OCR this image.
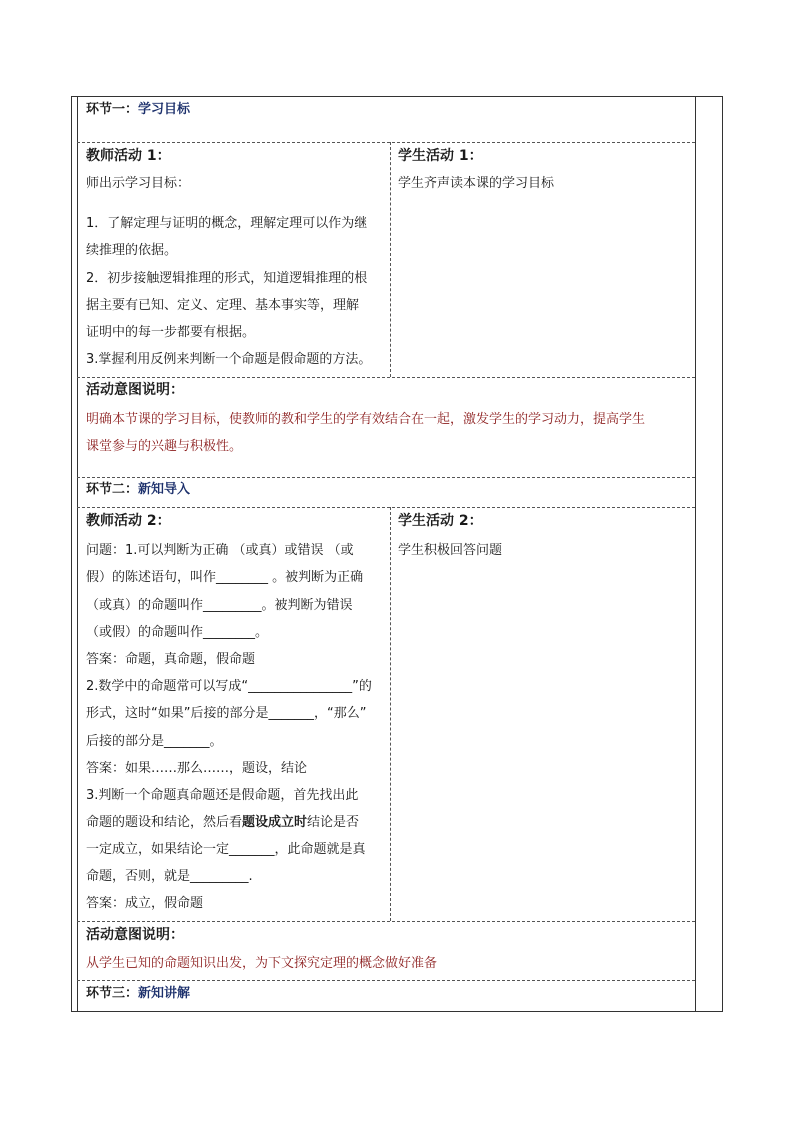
环节一：学习目标
教师活动 1：
师出示学习目标：
1．了解定理与证明的概念，理解定理可以作为继
续推理的依据。
2．初步接触逻辑推理的形式，知道逻辑推理的根
据主要有已知、定义、定理、基本事实等，理解
证明中的每一步都要有根据。
3.掌握利用反例来判断一个命题是假命题的方法。
学生活动 1：
学生齐声读本课的学习目标
活动意图说明：
明确本节课的学习目标，使教师的教和学生的学有效结合在一起，激发学生的学习动力，提高学生
课堂参与的兴趣与积极性。
环节二：新知导入
教师活动 2：
问题：1.可以判断为正确 （或真）或错误 （或
假）的陈述语句，叫作________ 。被判断为正确
（或真）的命题叫作_________。被判断为错误
（或假）的命题叫作________。
答案：命题，真命题，假命题
2.数学中的命题常可以写成“________________”的
形式，这时“如果”后接的部分是_______，“那么”
后接的部分是_______。
答案：如果……那么……，题设，结论
3.判断一个命题真命题还是假命题，首先找出此
命题的题设和结论，然后看题设成立时结论是否
一定成立，如果结论一定_______，此命题就是真
命题，否则，就是_________.
答案：成立，假命题
学生活动 2：
学生积极回答问题
活动意图说明：
从学生已知的命题知识出发，为下文探究定理的概念做好准备
环节三：新知讲解
